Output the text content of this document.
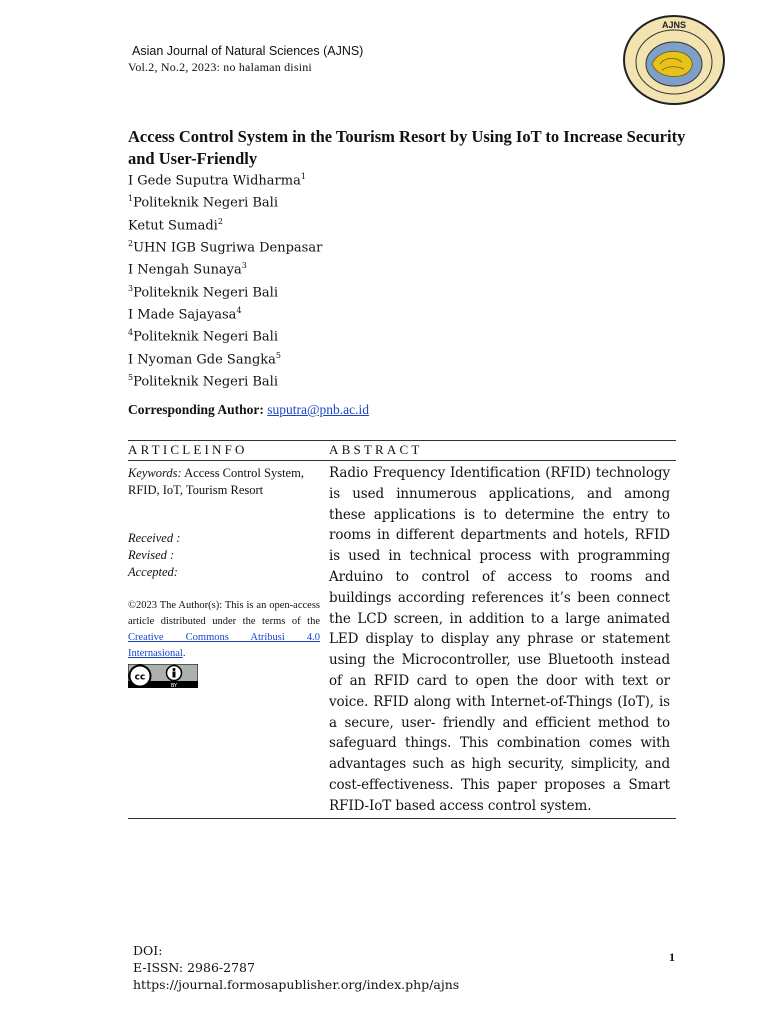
Asian Journal of Natural Sciences (AJNS)
Vol.2, No.2, 2023: no halaman disini
AJNS
Access Control System in the Tourism Resort by Using IoT to Increase Security and User-Friendly
I Gede Suputra Widharma$^1$
$^1$Politeknik Negeri Bali
Ketut Sumadi$^2$
$^2$UHN IGB Sugriwa Denpasar
I Nengah Sunaya$^3$
$^3$Politeknik Negeri Bali
I Made Sajayasa$^4$
$^4$Politeknik Negeri Bali
I Nyoman Gde Sangka$^5$
$^5$Politeknik Negeri Bali
Corresponding Author: suputra@pnb.ac.id
ARTICLEINFO	ABSTRACT
Keywords: Access Control System, RFID, IoT, Tourism Resort
Received :
Revised :
Accepted:
©2023 The Author(s): This is an open-access article distributed under the terms of the Creative Commons Atribusi 4.0 Internasional.
cc
BY
Radio Frequency Identification (RFID) technology is used innumerous applications, and among these applications is to determine the entry to rooms in different departments and hotels, RFID is used in technical process with programming Arduino to control of access to rooms and buildings according references it’s been connect the LCD screen, in addition to a large animated LED display to display any phrase or statement using the Microcontroller, use Bluetooth instead of an RFID card to open the door with text or voice. RFID along with Internet-of-Things (IoT), is a secure, user- friendly and efficient method to safeguard things. This combination comes with advantages such as high security, simplicity, and cost-effectiveness. This paper proposes a Smart RFID-IoT based access control system.
DOI:
E-ISSN: 2986-2787
https://journal.formosapublisher.org/index.php/ajns
1
